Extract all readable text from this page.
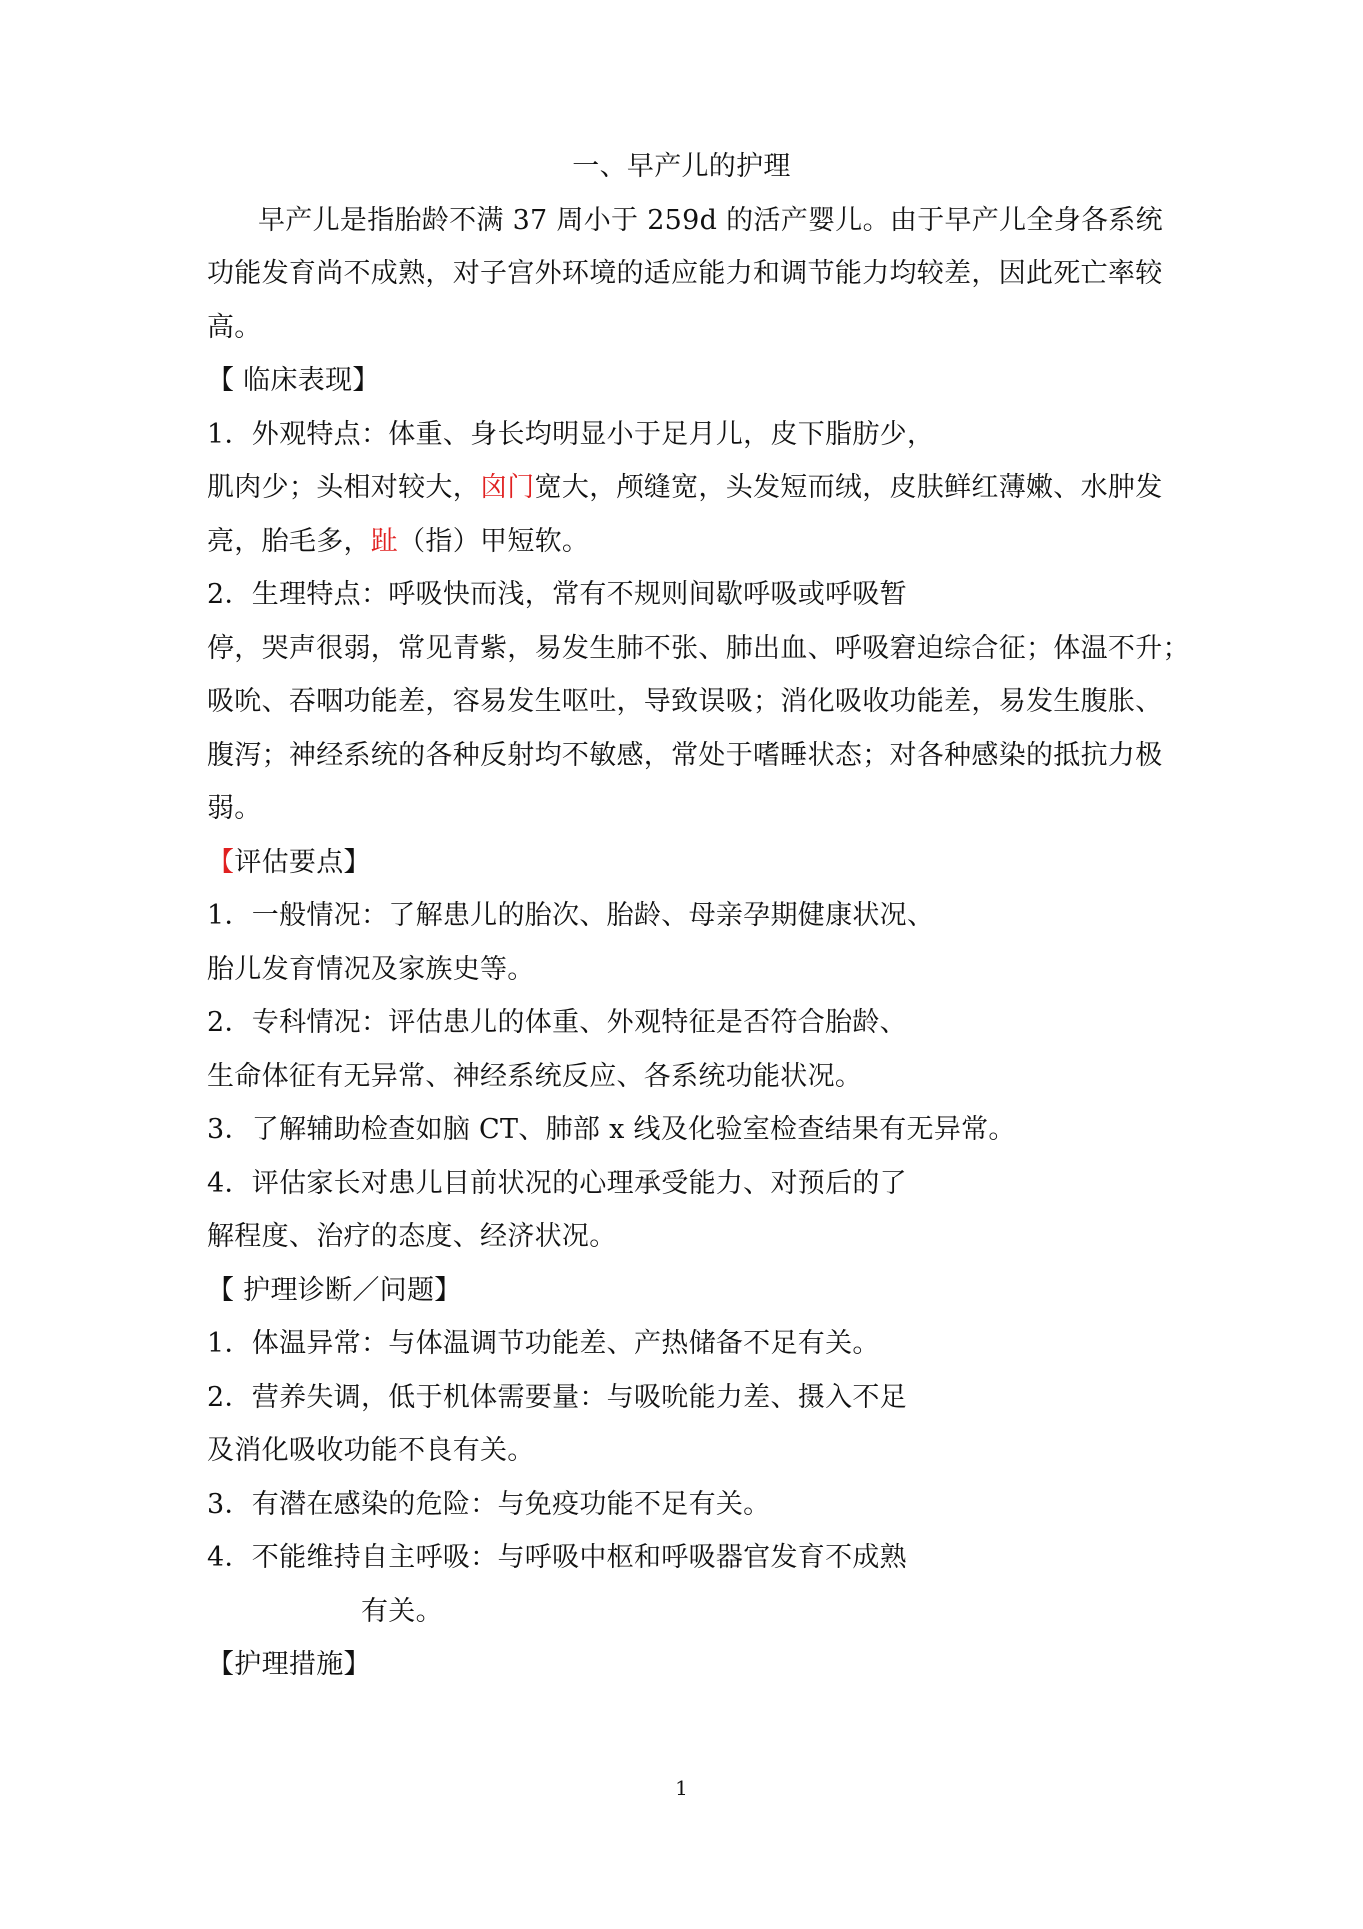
一、早产儿的护理
早产儿是指胎龄不满 37 周小于 259d 的活产婴儿。由于早产儿全身各系统
功能发育尚不成熟，对子宫外环境的适应能力和调节能力均较差，因此死亡率较
高。
【 临床表现】
1．外观特点：体重、身长均明显小于足月儿，皮下脂肪少，
肌肉少；头相对较大，囟门宽大，颅缝宽，头发短而绒，皮肤鲜红薄嫩、水肿发
亮，胎毛多，趾（指）甲短软。
2．生理特点：呼吸快而浅，常有不规则间歇呼吸或呼吸暂
停，哭声很弱，常见青紫，易发生肺不张、肺出血、呼吸窘迫综合征；体温不升；
吸吮、吞咽功能差，容易发生呕吐，导致误吸；消化吸收功能差，易发生腹胀、
腹泻；神经系统的各种反射均不敏感，常处于嗜睡状态；对各种感染的抵抗力极
弱。
【评估要点】
1．一般情况：了解患儿的胎次、胎龄、母亲孕期健康状况、
胎儿发育情况及家族史等。
2．专科情况：评估患儿的体重、外观特征是否符合胎龄、
生命体征有无异常、神经系统反应、各系统功能状况。
3．了解辅助检查如脑 CT、肺部 x 线及化验室检查结果有无异常。
4．评估家长对患儿目前状况的心理承受能力、对预后的了
解程度、治疗的态度、经济状况。
【 护理诊断／问题】
1．体温异常：与体温调节功能差、产热储备不足有关。
2．营养失调，低于机体需要量：与吸吮能力差、摄入不足
及消化吸收功能不良有关。
3．有潜在感染的危险：与免疫功能不足有关。
4．不能维持自主呼吸：与呼吸中枢和呼吸器官发育不成熟
有关。
【护理措施】
1
